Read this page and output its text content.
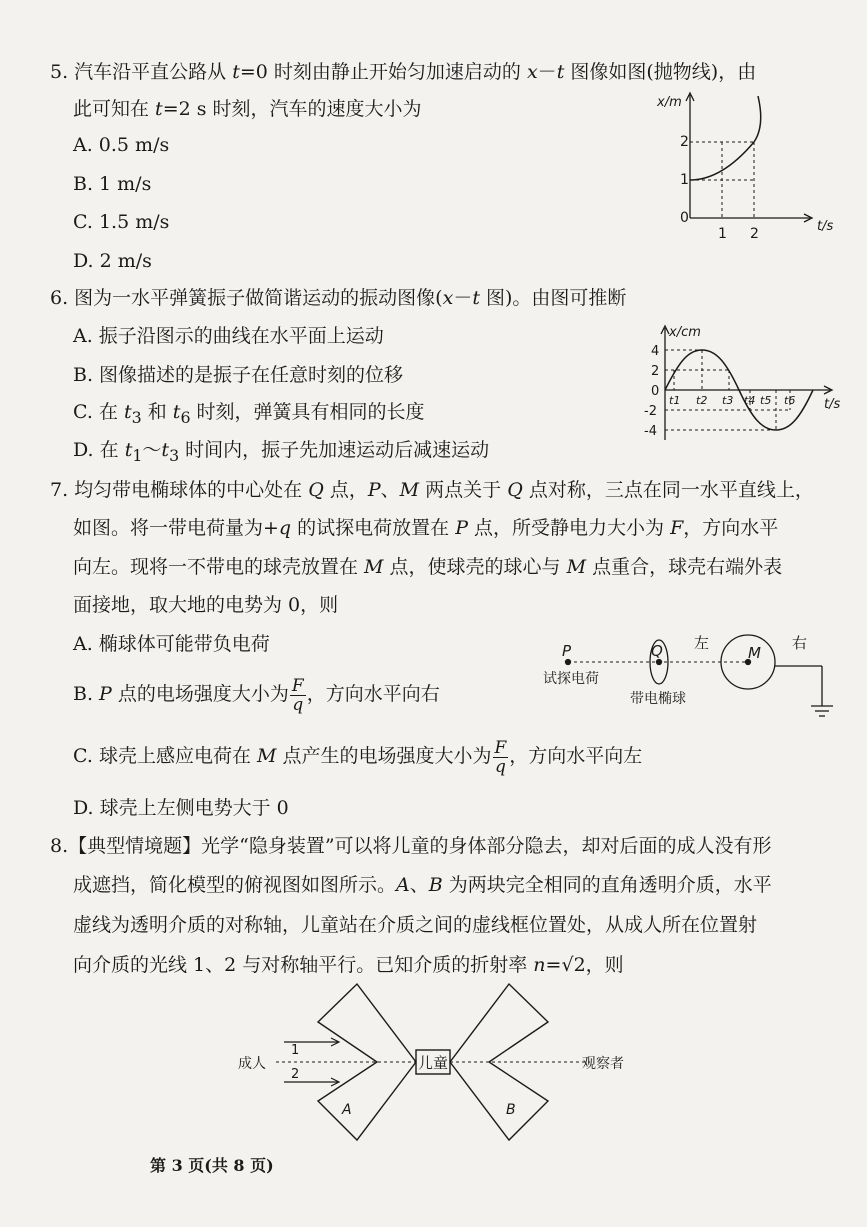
5. 汽车沿平直公路从 t=0 时刻由静止开始匀加速启动的 x－t 图像如图(抛物线)，由
此可知在 t=2 s 时刻，汽车的速度大小为
A. 0.5 m/s
B. 1 m/s
C. 1.5 m/s
D. 2 m/s
x/m
2
1
0
1 2	t/s
6. 图为一水平弹簧振子做简谐运动的振动图像(x－t 图)。由图可推断
A. 振子沿图示的曲线在水平面上运动
B. 图像描述的是振子在任意时刻的位移
C. 在 $t_3$ 和 $t_6$ 时刻，弹簧具有相同的长度
D. 在 $t_1\sim t_3$ 时间内，振子先加速运动后减速运动
x/cm
4
2
0
-2
-4
t1 t2 t3 t4 t5 t6 t/s
7. 均匀带电椭球体的中心处在 Q 点，P、M 两点关于 Q 点对称，三点在同一水平直线上，
如图。将一带电荷量为+q 的试探电荷放置在 P 点，所受静电力大小为 F，方向水平
向左。现将一不带电的球壳放置在 M 点，使球壳的球心与 M 点重合，球壳右端外表
面接地，取大地的电势为 0，则
A. 椭球体可能带负电荷
B. P 点的电场强度大小为 $\frac{F}{q}$ ，方向水平向右
C. 球壳上感应电荷在 M 点产生的电场强度大小为 $\frac{F}{q}$ ，方向水平向左
D. 球壳上左侧电势大于 0
P	Q	M
左	右
试探电荷
带电椭球
8.【典型情境题】光学“隐身装置”可以将儿童的身体部分隐去，却对后面的成人没有形
成遮挡，简化模型的俯视图如图所示。A、B 为两块完全相同的直角透明介质，水平
虚线为透明介质的对称轴，儿童站在介质之间的虚线框位置处，从成人所在位置射
向介质的光线 1、2 与对称轴平行。已知介质的折射率 n=√2，则
成人
1
2
儿童	观察者
A	B
第 3 页(共 8 页)
